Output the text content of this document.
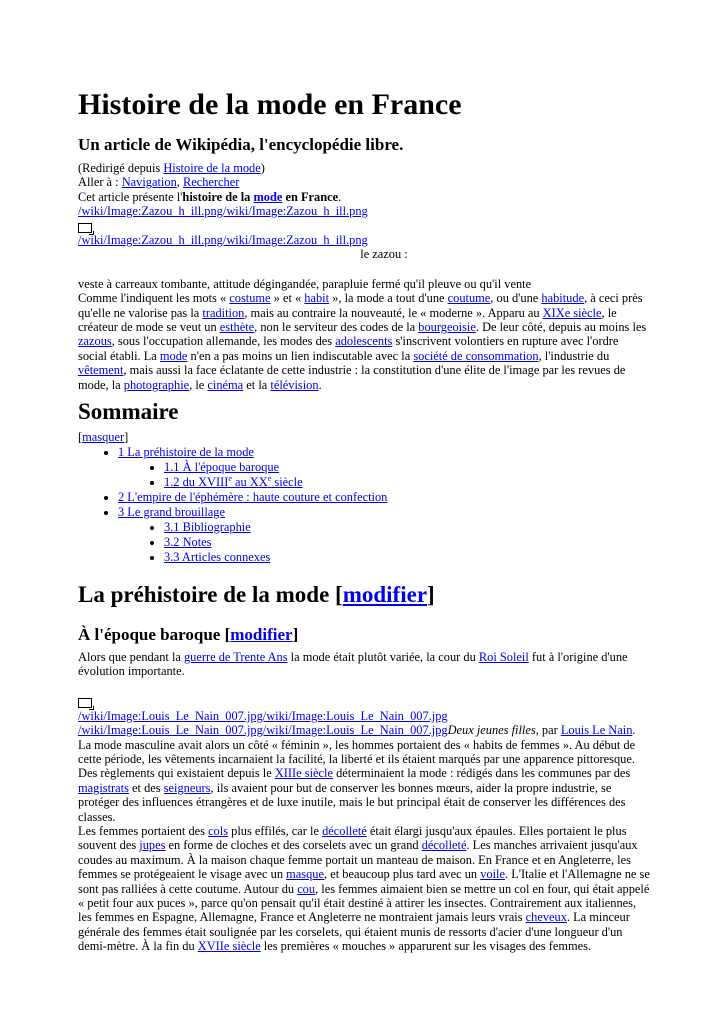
Histoire de la mode en France
Un article de Wikipédia, l'encyclopédie libre.
(Redirigé depuis Histoire de la mode)
Aller à : Navigation, Rechercher
Cet article présente l'histoire de la mode en France.
/wiki/Image:Zazou_h_ill.png/wiki/Image:Zazou_h_ill.png
/wiki/Image:Zazou_h_ill.png/wiki/Image:Zazou_h_ill.png
le zazou :

veste à carreaux tombante, attitude dégingandée, parapluie fermé qu'il pleuve ou qu'il vente
Comme l'indiquent les mots « costume » et « habit », la mode a tout d'une coutume, ou d'une habitude, à ceci près qu'elle ne valorise pas la tradition, mais au contraire la nouveauté, le « moderne ». Apparu au XIXe siècle, le créateur de mode se veut un esthète, non le serviteur des codes de la bourgeoisie. De leur côté, depuis au moins les zazous, sous l'occupation allemande, les modes des adolescents s'inscrivent volontiers en rupture avec l'ordre social établi. La mode n'en a pas moins un lien indiscutable avec la société de consommation, l'industrie du vêtement, mais aussi la face éclatante de cette industrie : la constitution d'une élite de l'image par les revues de mode, la photographie, le cinéma et la télévision.

Sommaire
[masquer]
• 1 La préhistoire de la mode
• 1.1 À l'époque baroque
• 1.2 du XVIIIe au XXe siècle
• 2 L'empire de l'éphémère : haute couture et confection
• 3 Le grand brouillage
• 3.1 Bibliographie
• 3.2 Notes
• 3.3 Articles connexes
La préhistoire de la mode [modifier]
À l'époque baroque [modifier]

Alors que pendant la guerre de Trente Ans la mode était plutôt variée, la cour du Roi Soleil fut à l'origine d'une évolution importante.

/wiki/Image:Louis_Le_Nain_007.jpg/wiki/Image:Louis_Le_Nain_007.jpg
/wiki/Image:Louis_Le_Nain_007.jpg/wiki/Image:Louis_Le_Nain_007.jpgDeux jeunes filles, par Louis Le Nain.

La mode masculine avait alors un côté « féminin », les hommes portaient des « habits de femmes ». Au début de cette période, les vêtements incarnaient la facilité, la liberté et ils étaient marqués par une apparence pittoresque. Des règlements qui existaient depuis le XIIIe siècle déterminaient la mode : rédigés dans les communes par des magistrats et des seigneurs, ils avaient pour but de conserver les bonnes mœurs, aider la propre industrie, se protéger des influences étrangères et de luxe inutile, mais le but principal était de conserver les différences des classes.

Les femmes portaient des cols plus effilés, car le décolleté était élargi jusqu'aux épaules. Elles portaient le plus souvent des jupes en forme de cloches et des corselets avec un grand décolleté. Les manches arrivaient jusqu'aux coudes au maximum. À la maison chaque femme portait un manteau de maison. En France et en Angleterre, les femmes se protégeaient le visage avec un masque, et beaucoup plus tard avec un voile. L'Italie et l'Allemagne ne se sont pas ralliées à cette coutume. Autour du cou, les femmes aimaient bien se mettre un col en four, qui était appelé « petit four aux puces », parce qu'on pensait qu'il était destiné à attirer les insectes. Contrairement aux italiennes, les femmes en Espagne, Allemagne, France et Angleterre ne montraient jamais leurs vrais cheveux. La minceur générale des femmes était soulignée par les corselets, qui étaient munis de ressorts d'acier d'une longueur d'un demi-mètre. À la fin du XVIIe siècle les premières « mouches » apparurent sur les visages des femmes.
